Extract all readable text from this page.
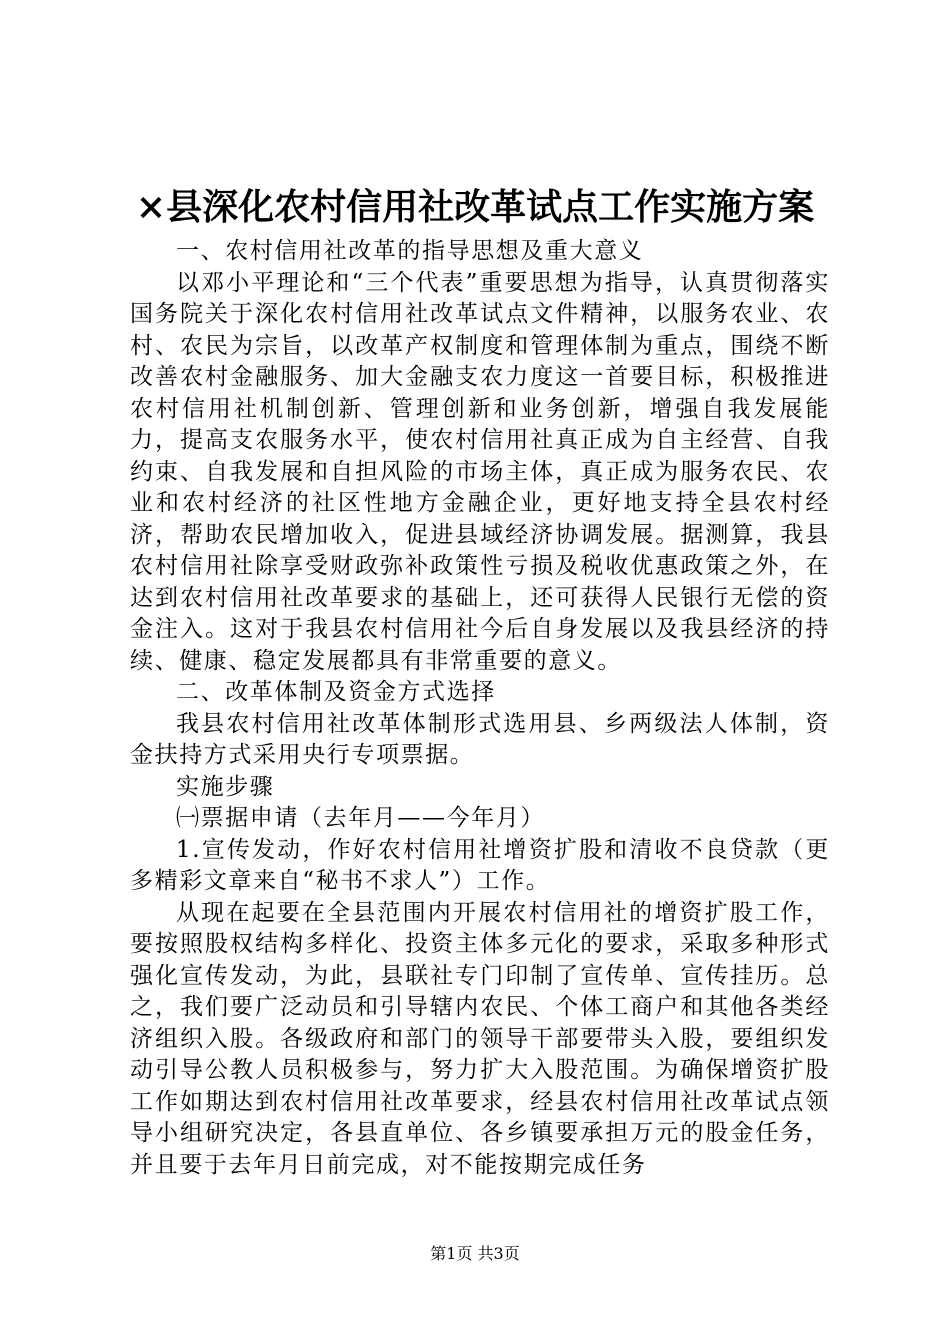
×县深化农村信用社改革试点工作实施方案

一、农村信用社改革的指导思想及重大意义

以邓小平理论和“三个代表”重要思想为指导，认真贯彻落实国务院关于深化农村信用社改革试点文件精神，以服务农业、农村、农民为宗旨，以改革产权制度和管理体制为重点，围绕不断改善农村金融服务、加大金融支农力度这一首要目标，积极推进农村信用社机制创新、管理创新和业务创新，增强自我发展能力，提高支农服务水平，使农村信用社真正成为自主经营、自我约束、自我发展和自担风险的市场主体，真正成为服务农民、农业和农村经济的社区性地方金融企业，更好地支持全县农村经济，帮助农民增加收入，促进县域经济协调发展。据测算，我县农村信用社除享受财政弥补政策性亏损及税收优惠政策之外，在达到农村信用社改革要求的基础上，还可获得人民银行无偿的资金注入。这对于我县农村信用社今后自身发展以及我县经济的持续、健康、稳定发展都具有非常重要的意义。

二、改革体制及资金方式选择

我县农村信用社改革体制形式选用县、乡两级法人体制，资金扶持方式采用央行专项票据。

实施步骤

㈠票据申请（去年月——今年月）

1.宣传发动，作好农村信用社增资扩股和清收不良贷款（更多精彩文章来自“秘书不求人”）工作。

从现在起要在全县范围内开展农村信用社的增资扩股工作，要按照股权结构多样化、投资主体多元化的要求，采取多种形式强化宣传发动，为此，县联社专门印制了宣传单、宣传挂历。总之，我们要广泛动员和引导辖内农民、个体工商户和其他各类经济组织入股。各级政府和部门的领导干部要带头入股，要组织发动引导公教人员积极参与，努力扩大入股范围。为确保增资扩股工作如期达到农村信用社改革要求，经县农村信用社改革试点领导小组研究决定，各县直单位、各乡镇要承担万元的股金任务，并且要于去年月日前完成，对不能按期完成任务

第1页 共3页
